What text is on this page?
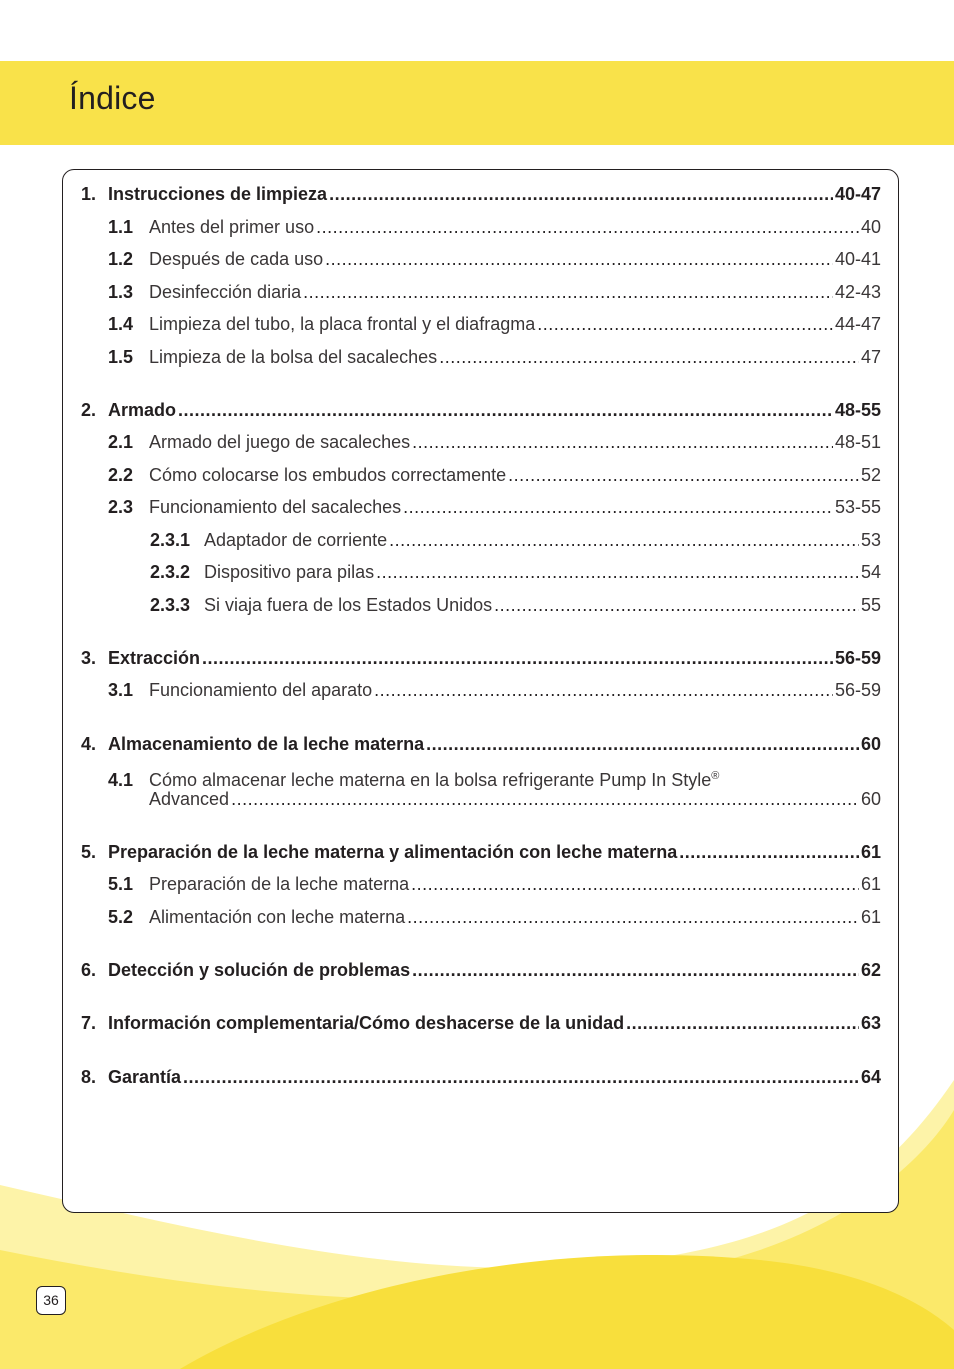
Índice
1. Instrucciones de limpieza .....	40-47
1.1 Antes del primer uso .....	40
1.2 Después de cada uso .....	40-41
1.3 Desinfección diaria .....	42-43
1.4 Limpieza del tubo, la placa frontal y el diafragma .....	44-47
1.5 Limpieza de la bolsa del sacaleches .....	47
2. Armado .....	48-55
2.1 Armado del juego de sacaleches .....	48-51
2.2 Cómo colocarse los embudos correctamente .....	52
2.3 Funcionamiento del sacaleches .....	53-55
2.3.1 Adaptador de corriente .....	53
2.3.2 Dispositivo para pilas .....	54
2.3.3 Si viaja fuera de los Estados Unidos .....	55
3. Extracción .....	56-59
3.1 Funcionamiento del aparato .....	56-59
4. Almacenamiento de la leche materna .....	60
4.1 Cómo almacenar leche materna en la bolsa refrigerante Pump In Style®
Advanced .....	60
5. Preparación de la leche materna y alimentación con leche materna .....	61
5.1 Preparación de la leche materna .....	61
5.2 Alimentación con leche materna .....	61
6. Detección y solución de problemas .....	62
7. Información complementaria/Cómo deshacerse de la unidad .....	63
8. Garantía .....	64
36
